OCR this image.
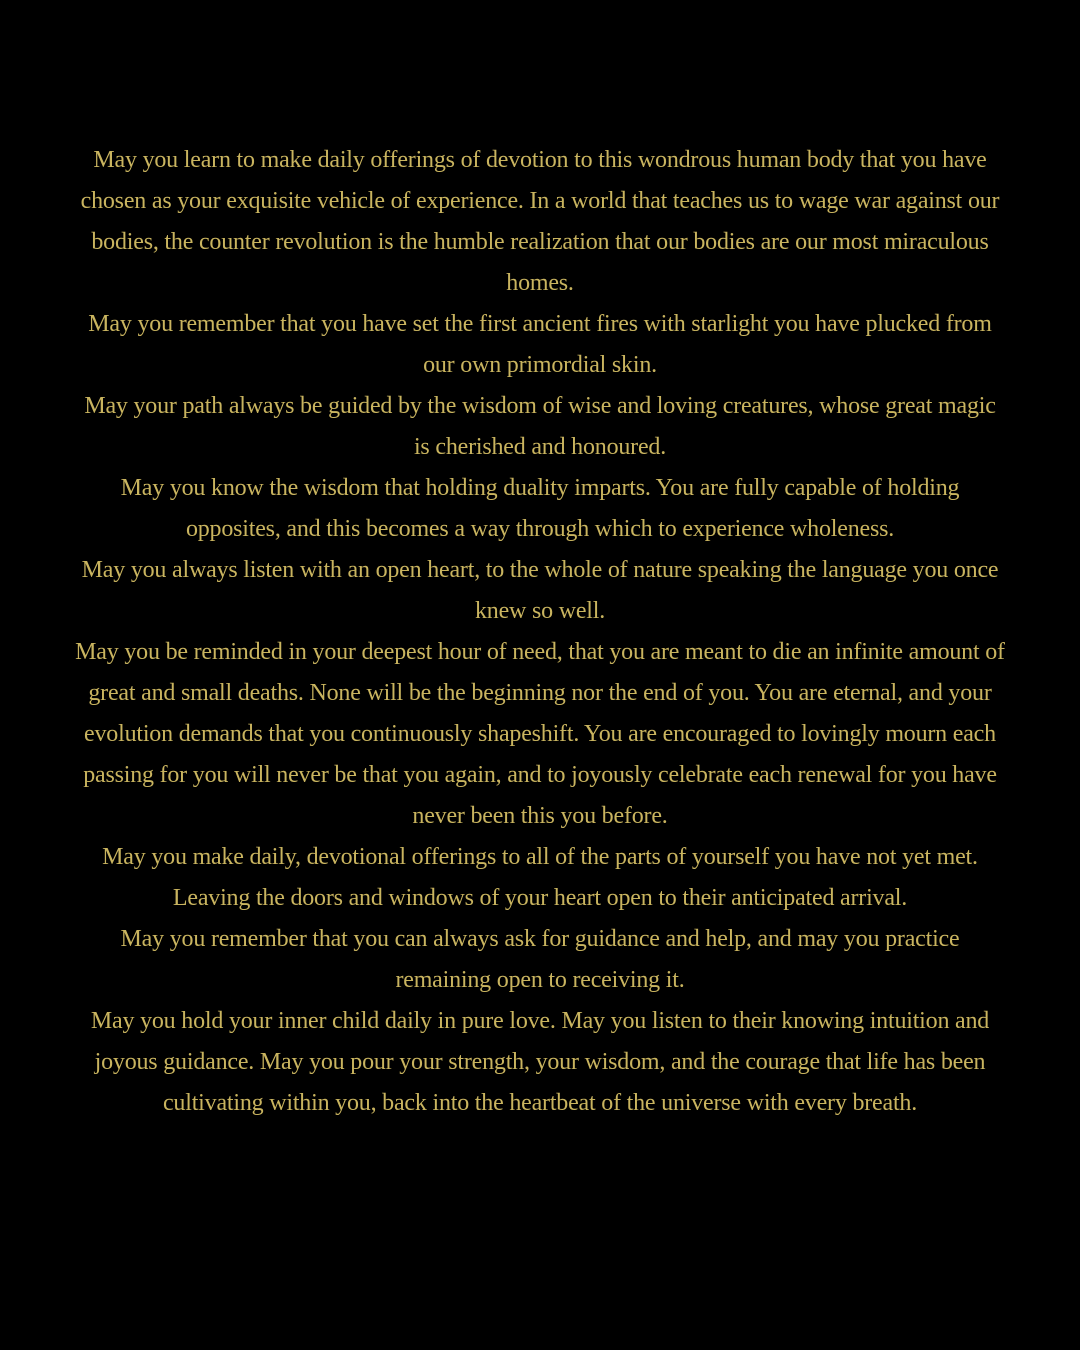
May you learn to make daily offerings of devotion to this wondrous human body that you have chosen as your exquisite vehicle of experience. In a world that teaches us to wage war against our bodies, the counter revolution is the humble realization that our bodies are our most miraculous homes.

May you remember that you have set the first ancient fires with starlight you have plucked from our own primordial skin.

May your path always be guided by the wisdom of wise and loving creatures, whose great magic is cherished and honoured.

May you know the wisdom that holding duality imparts. You are fully capable of holding opposites, and this becomes a way through which to experience wholeness.

May you always listen with an open heart, to the whole of nature speaking the language you once knew so well.

May you be reminded in your deepest hour of need, that you are meant to die an infinite amount of great and small deaths. None will be the beginning nor the end of you. You are eternal, and your evolution demands that you continuously shapeshift. You are encouraged to lovingly mourn each passing for you will never be that you again, and to joyously celebrate each renewal for you have never been this you before.

May you make daily, devotional offerings to all of the parts of yourself you have not yet met. Leaving the doors and windows of your heart open to their anticipated arrival.

May you remember that you can always ask for guidance and help, and may you practice remaining open to receiving it.

May you hold your inner child daily in pure love. May you listen to their knowing intuition and joyous guidance. May you pour your strength, your wisdom, and the courage that life has been cultivating within you, back into the heartbeat of the universe with every breath.
